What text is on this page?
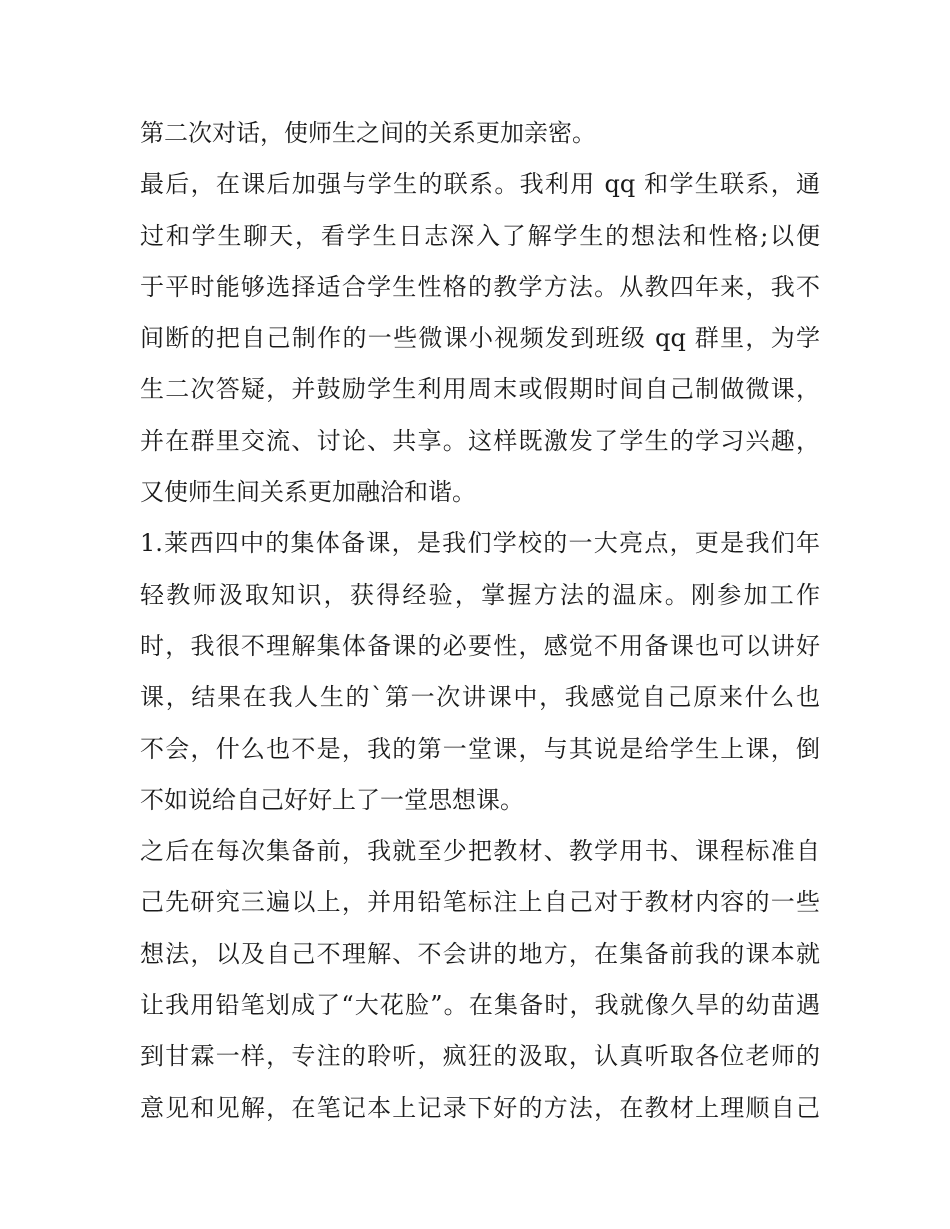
第二次对话，使师生之间的关系更加亲密。
最后，在课后加强与学生的联系。我利用 qq 和学生联系，通
过和学生聊天，看学生日志深入了解学生的想法和性格;以便
于平时能够选择适合学生性格的教学方法。从教四年来，我不
间断的把自己制作的一些微课小视频发到班级 qq 群里，为学
生二次答疑，并鼓励学生利用周末或假期时间自己制做微课，
并在群里交流、讨论、共享。这样既激发了学生的学习兴趣，
又使师生间关系更加融洽和谐。
1.莱西四中的集体备课，是我们学校的一大亮点，更是我们年
轻教师汲取知识，获得经验，掌握方法的温床。刚参加工作
时，我很不理解集体备课的必要性，感觉不用备课也可以讲好
课，结果在我人生的`第一次讲课中，我感觉自己原来什么也
不会，什么也不是，我的第一堂课，与其说是给学生上课，倒
不如说给自己好好上了一堂思想课。
之后在每次集备前，我就至少把教材、教学用书、课程标准自
己先研究三遍以上，并用铅笔标注上自己对于教材内容的一些
想法，以及自己不理解、不会讲的地方，在集备前我的课本就
让我用铅笔划成了“大花脸”。在集备时，我就像久旱的幼苗遇
到甘霖一样，专注的聆听，疯狂的汲取，认真听取各位老师的
意见和见解，在笔记本上记录下好的方法，在教材上理顺自己
